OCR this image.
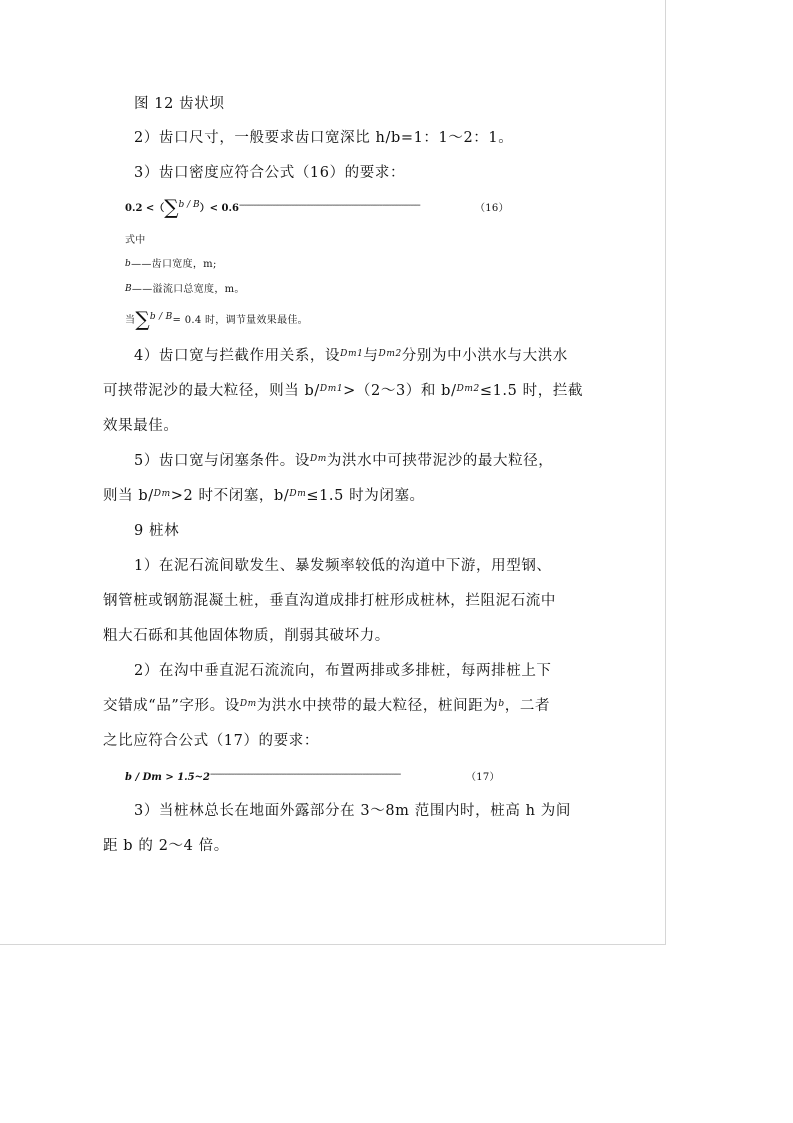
图 12 齿状坝
2）齿口尺寸，一般要求齿口宽深比 h/b=1：1～2：1。
3）齿口密度应符合公式（16）的要求：
0.2 <（∑$^{b / B}$）< 0.6----------------------------------------------------------------------------	（16）
式中
b——齿口宽度，m;
B——溢流口总宽度，m。
当∑b / B= 0.4 时，调节量效果最佳。
4）齿口宽与拦截作用关系，设$^{Dm1}$与$^{Dm2}$分别为中小洪水与大洪水
可挟带泥沙的最大粒径，则当 b/$^{Dm1}$>（2～3）和 b/$^{Dm2}$≤1.5 时，拦截
效果最佳。
5）齿口宽与闭塞条件。设$^{Dm}$为洪水中可挟带泥沙的最大粒径，
则当 b/$^{Dm}$>2 时不闭塞，b/$^{Dm}$≤1.5 时为闭塞。
9 桩林
1）在泥石流间歇发生、暴发频率较低的沟道中下游，用型钢、
钢管桩或钢筋混凝土桩，垂直沟道成排打桩形成桩林，拦阻泥石流中
粗大石砾和其他固体物质，削弱其破坏力。
2）在沟中垂直泥石流流向，布置两排或多排桩，每两排桩上下
交错成“品”字形。设$^{Dm}$为洪水中挟带的最大粒径，桩间距为$^b$，二者
之比应符合公式（17）的要求：
b / Dm > 1.5~2--------------------------------------------------------------------------------	（17）
3）当桩林总长在地面外露部分在 3～8m 范围内时，桩高 h 为间
距 b 的 2～4 倍。
